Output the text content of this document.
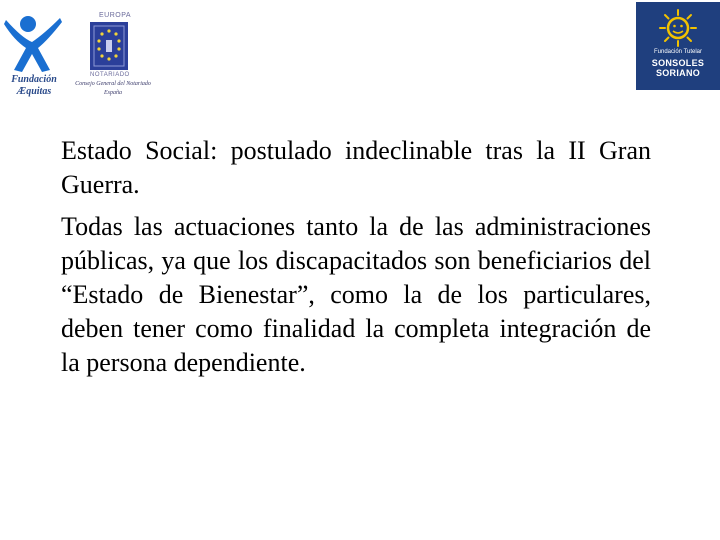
Fundación
Æquitas
EUROPA
NOTARIADO
Consejo General del Notariado
España
Fundación Tutelar
SONSOLES
SORIANO

Estado Social: postulado indeclinable tras la II Gran Guerra.

Todas las actuaciones tanto la de las administraciones públicas, ya que los discapacitados son beneficiarios del “Estado de Bienestar”, como la de los particulares, deben tener como finalidad la completa integración de la persona dependiente.
